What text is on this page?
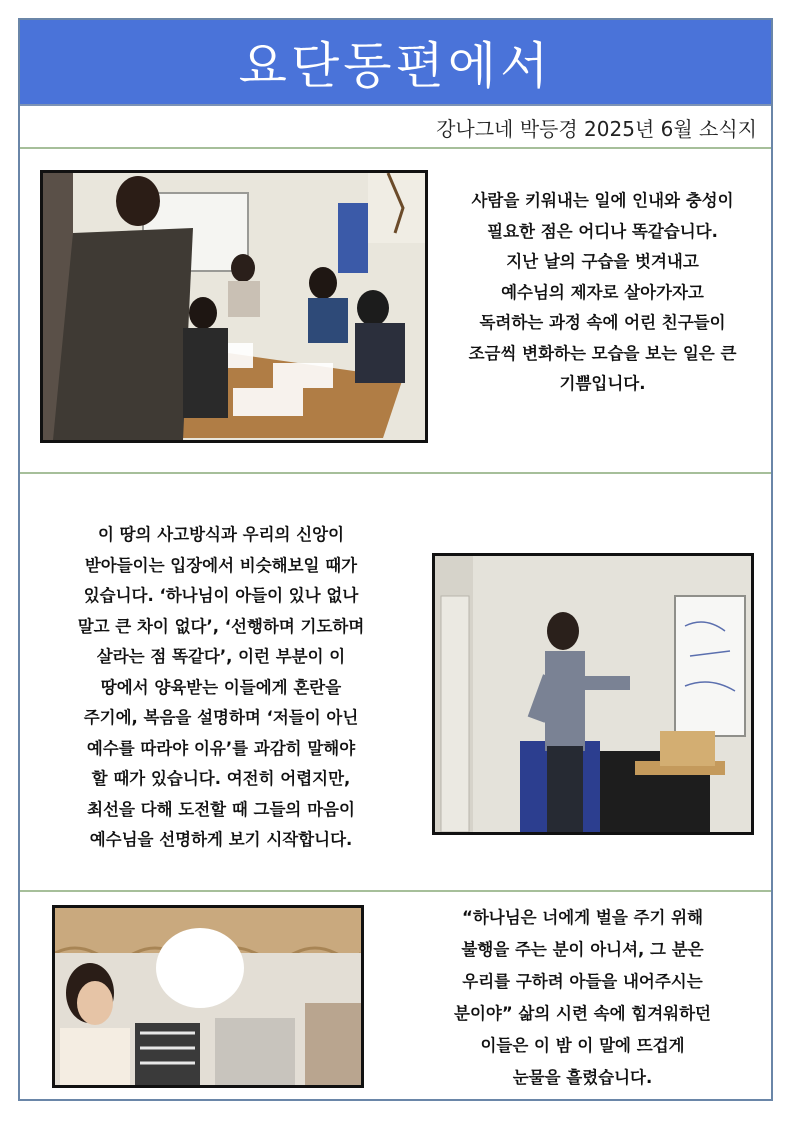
요단동편에서
강나그네 박등경 2025년 6월 소식지
사람을 키워내는 일에 인내와 충성이
필요한 점은 어디나 똑같습니다.
지난 날의 구습을 벗겨내고
예수님의 제자로 살아가자고
독려하는 과정 속에 어린 친구들이
조금씩 변화하는 모습을 보는 일은 큰
기쁨입니다.
이 땅의 사고방식과 우리의 신앙이
받아들이는 입장에서 비슷해보일 때가
있습니다. ‘하나님이 아들이 있나 없나
말고 큰 차이 없다’, ‘선행하며 기도하며
살라는 점 똑같다’, 이런 부분이 이
땅에서 양육받는 이들에게 혼란을
주기에, 복음을 설명하며 ‘저들이 아닌
예수를 따라야 이유’를 과감히 말해야
할 때가 있습니다. 여전히 어렵지만,
최선을 다해 도전할 때 그들의 마음이
예수님을 선명하게 보기 시작합니다.
“하나님은 너에게 벌을 주기 위해
불행을 주는 분이 아니셔, 그 분은
우리를 구하려 아들을 내어주시는
분이야” 삶의 시련 속에 힘겨워하던
이들은 이 밤 이 말에 뜨겁게
눈물을 흘렸습니다.
